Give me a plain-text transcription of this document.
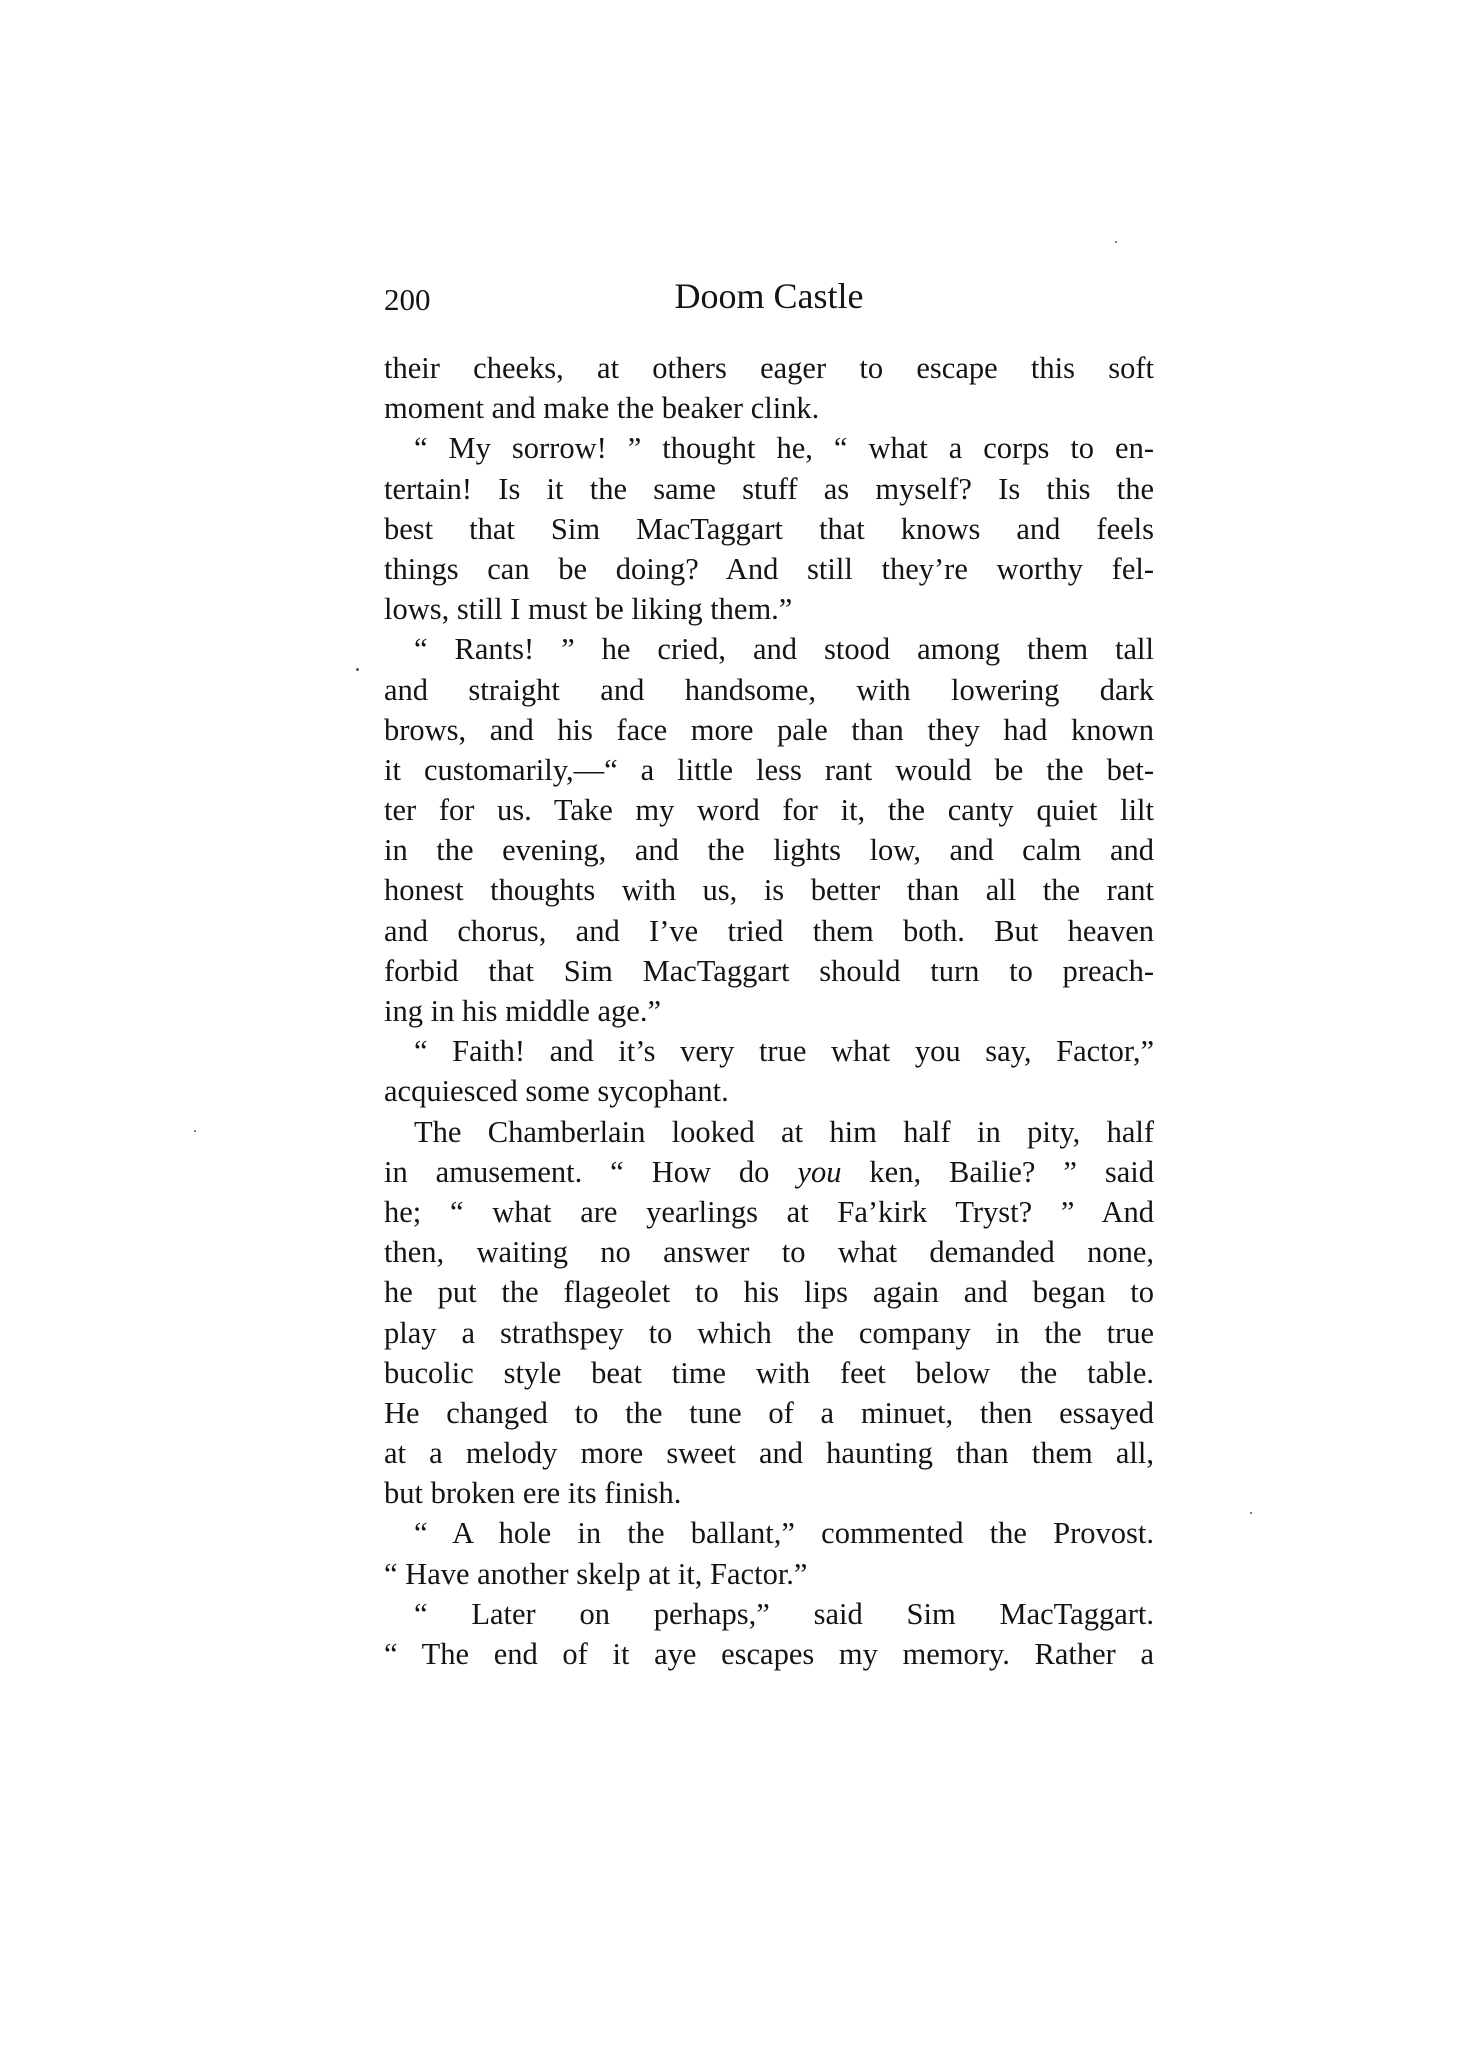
200	Doom Castle
their cheeks, at others eager to escape this soft
moment and make the beaker clink.
“ My sorrow! ” thought he, “ what a corps to en-
tertain! Is it the same stuff as myself? Is this the
best that Sim MacTaggart that knows and feels
things can be doing? And still they’re worthy fel-
lows, still I must be liking them.”
“ Rants! ” he cried, and stood among them tall
and straight and handsome, with lowering dark
brows, and his face more pale than they had known
it customarily,—“ a little less rant would be the bet-
ter for us. Take my word for it, the canty quiet lilt
in the evening, and the lights low, and calm and
honest thoughts with us, is better than all the rant
and chorus, and I’ve tried them both. But heaven
forbid that Sim MacTaggart should turn to preach-
ing in his middle age.”
“ Faith! and it’s very true what you say, Factor,”
acquiesced some sycophant.
The Chamberlain looked at him half in pity, half
in amusement. “ How do you ken, Bailie? ” said
he; “ what are yearlings at Fa’kirk Tryst? ” And
then, waiting no answer to what demanded none,
he put the flageolet to his lips again and began to
play a strathspey to which the company in the true
bucolic style beat time with feet below the table.
He changed to the tune of a minuet, then essayed
at a melody more sweet and haunting than them all,
but broken ere its finish.
“ A hole in the ballant,” commented the Provost.
“ Have another skelp at it, Factor.”
“ Later on perhaps,” said Sim MacTaggart.
“ The end of it aye escapes my memory. Rather a
